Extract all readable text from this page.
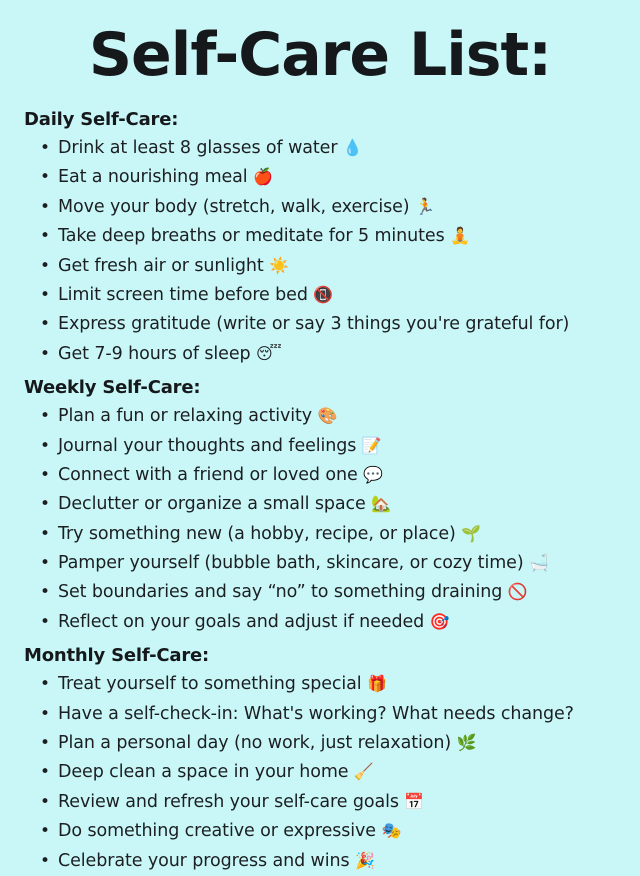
Self-Care List:
Daily Self-Care:
• Drink at least 8 glasses of water 💧
• Eat a nourishing meal 🍎
• Move your body (stretch, walk, exercise) 🏃
• Take deep breaths or meditate for 5 minutes 🧘
• Get fresh air or sunlight ☀️
• Limit screen time before bed 📵
• Express gratitude (write or say 3 things you're grateful for)
• Get 7-9 hours of sleep 😴
Weekly Self-Care:
• Plan a fun or relaxing activity 🎨
• Journal your thoughts and feelings 📝
• Connect with a friend or loved one 💬
• Declutter or organize a small space 🏡
• Try something new (a hobby, recipe, or place) 🌱
• Pamper yourself (bubble bath, skincare, or cozy time) 🛁
• Set boundaries and say “no” to something draining 🚫
• Reflect on your goals and adjust if needed 🎯
Monthly Self-Care:
• Treat yourself to something special 🎁
• Have a self-check-in: What's working? What needs change?
• Plan a personal day (no work, just relaxation) 🌿
• Deep clean a space in your home 🧹
• Review and refresh your self-care goals 📅
• Do something creative or expressive 🎭
• Celebrate your progress and wins 🎉
